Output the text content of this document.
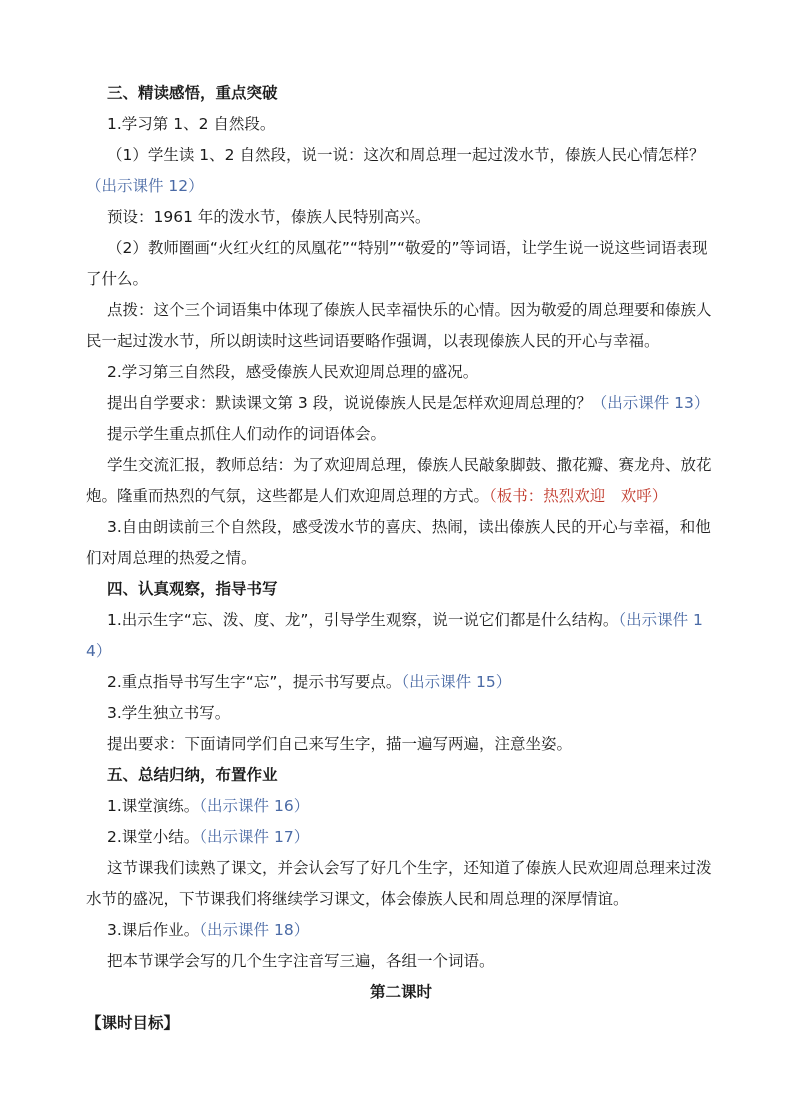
三、精读感悟，重点突破

1.学习第 1、2 自然段。

（1）学生读 1、2 自然段，说一说：这次和周总理一起过泼水节，傣族人民心情怎样？（出示课件 12）

预设：1961 年的泼水节，傣族人民特别高兴。

（2）教师圈画“火红火红的凤凰花”“特别”“敬爱的”等词语，让学生说一说这些词语表现了什么。

点拨：这个三个词语集中体现了傣族人民幸福快乐的心情。因为敬爱的周总理要和傣族人民一起过泼水节，所以朗读时这些词语要略作强调，以表现傣族人民的开心与幸福。

2.学习第三自然段，感受傣族人民欢迎周总理的盛况。

提出自学要求：默读课文第 3 段，说说傣族人民是怎样欢迎周总理的？（出示课件 13）

提示学生重点抓住人们动作的词语体会。

学生交流汇报，教师总结：为了欢迎周总理，傣族人民敲象脚鼓、撒花瓣、赛龙舟、放花炮。隆重而热烈的气氛，这些都是人们欢迎周总理的方式。（板书：热烈欢迎　欢呼）

3.自由朗读前三个自然段，感受泼水节的喜庆、热闹，读出傣族人民的开心与幸福，和他们对周总理的热爱之情。

四、认真观察，指导书写

1.出示生字“忘、泼、度、龙”，引导学生观察，说一说它们都是什么结构。（出示课件 14）

2.重点指导书写生字“忘”，提示书写要点。（出示课件 15）

3.学生独立书写。

提出要求：下面请同学们自己来写生字，描一遍写两遍，注意坐姿。

五、总结归纳，布置作业

1.课堂演练。（出示课件 16）

2.课堂小结。（出示课件 17）

这节课我们读熟了课文，并会认会写了好几个生字，还知道了傣族人民欢迎周总理来过泼水节的盛况，下节课我们将继续学习课文，体会傣族人民和周总理的深厚情谊。

3.课后作业。（出示课件 18）

把本节课学会写的几个生字注音写三遍，各组一个词语。

第二课时

【课时目标】
